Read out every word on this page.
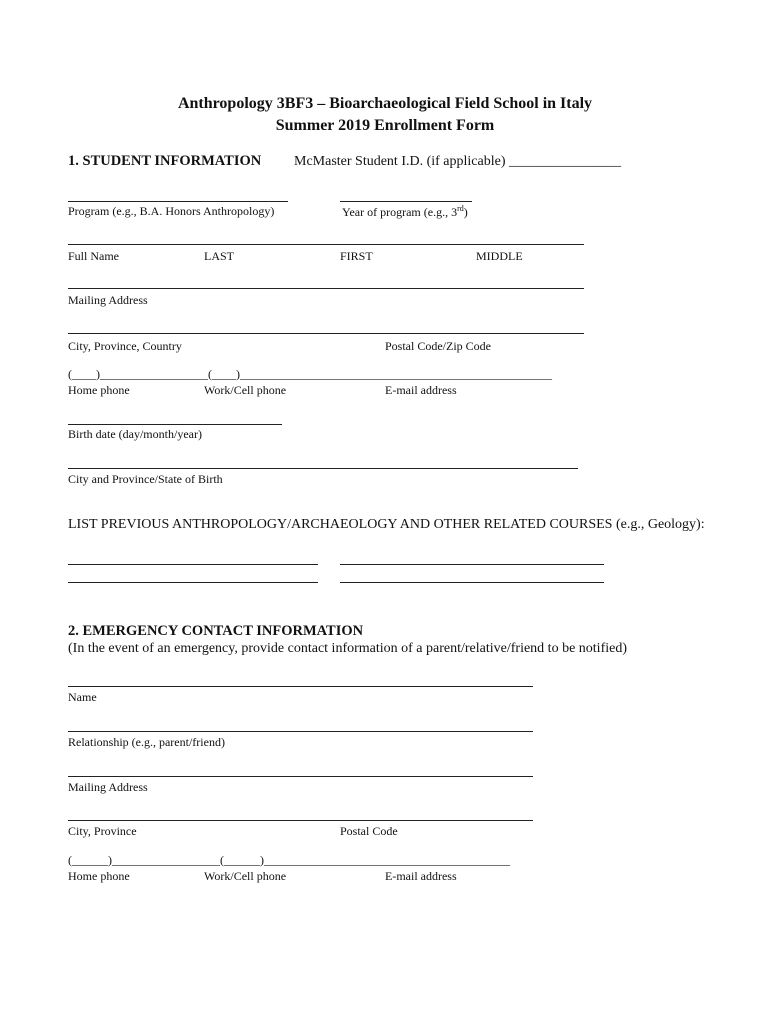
Anthropology 3BF3 – Bioarchaeological Field School in Italy
Summer 2019 Enrollment Form
1. STUDENT INFORMATION McMaster Student I.D. (if applicable) ________________
Program (e.g., B.A. Honors Anthropology)	Year of program (e.g., 3rd)
Full Name	LAST	FIRST	MIDDLE
Mailing Address
City, Province, Country	Postal Code/Zip Code
(____)__________________(____)____________________________________________________
Home phone	Work/Cell phone	E-mail address
Birth date (day/month/year)
City and Province/State of Birth
LIST PREVIOUS ANTHROPOLOGY/ARCHAEOLOGY AND OTHER RELATED COURSES (e.g., Geology):
2. EMERGENCY CONTACT INFORMATION
(In the event of an emergency, provide contact information of a parent/relative/friend to be notified)
Name
Relationship (e.g., parent/friend)
Mailing Address
City, Province	Postal Code
(______)__________________(______)_________________________________________
Home phone	Work/Cell phone	E-mail address
